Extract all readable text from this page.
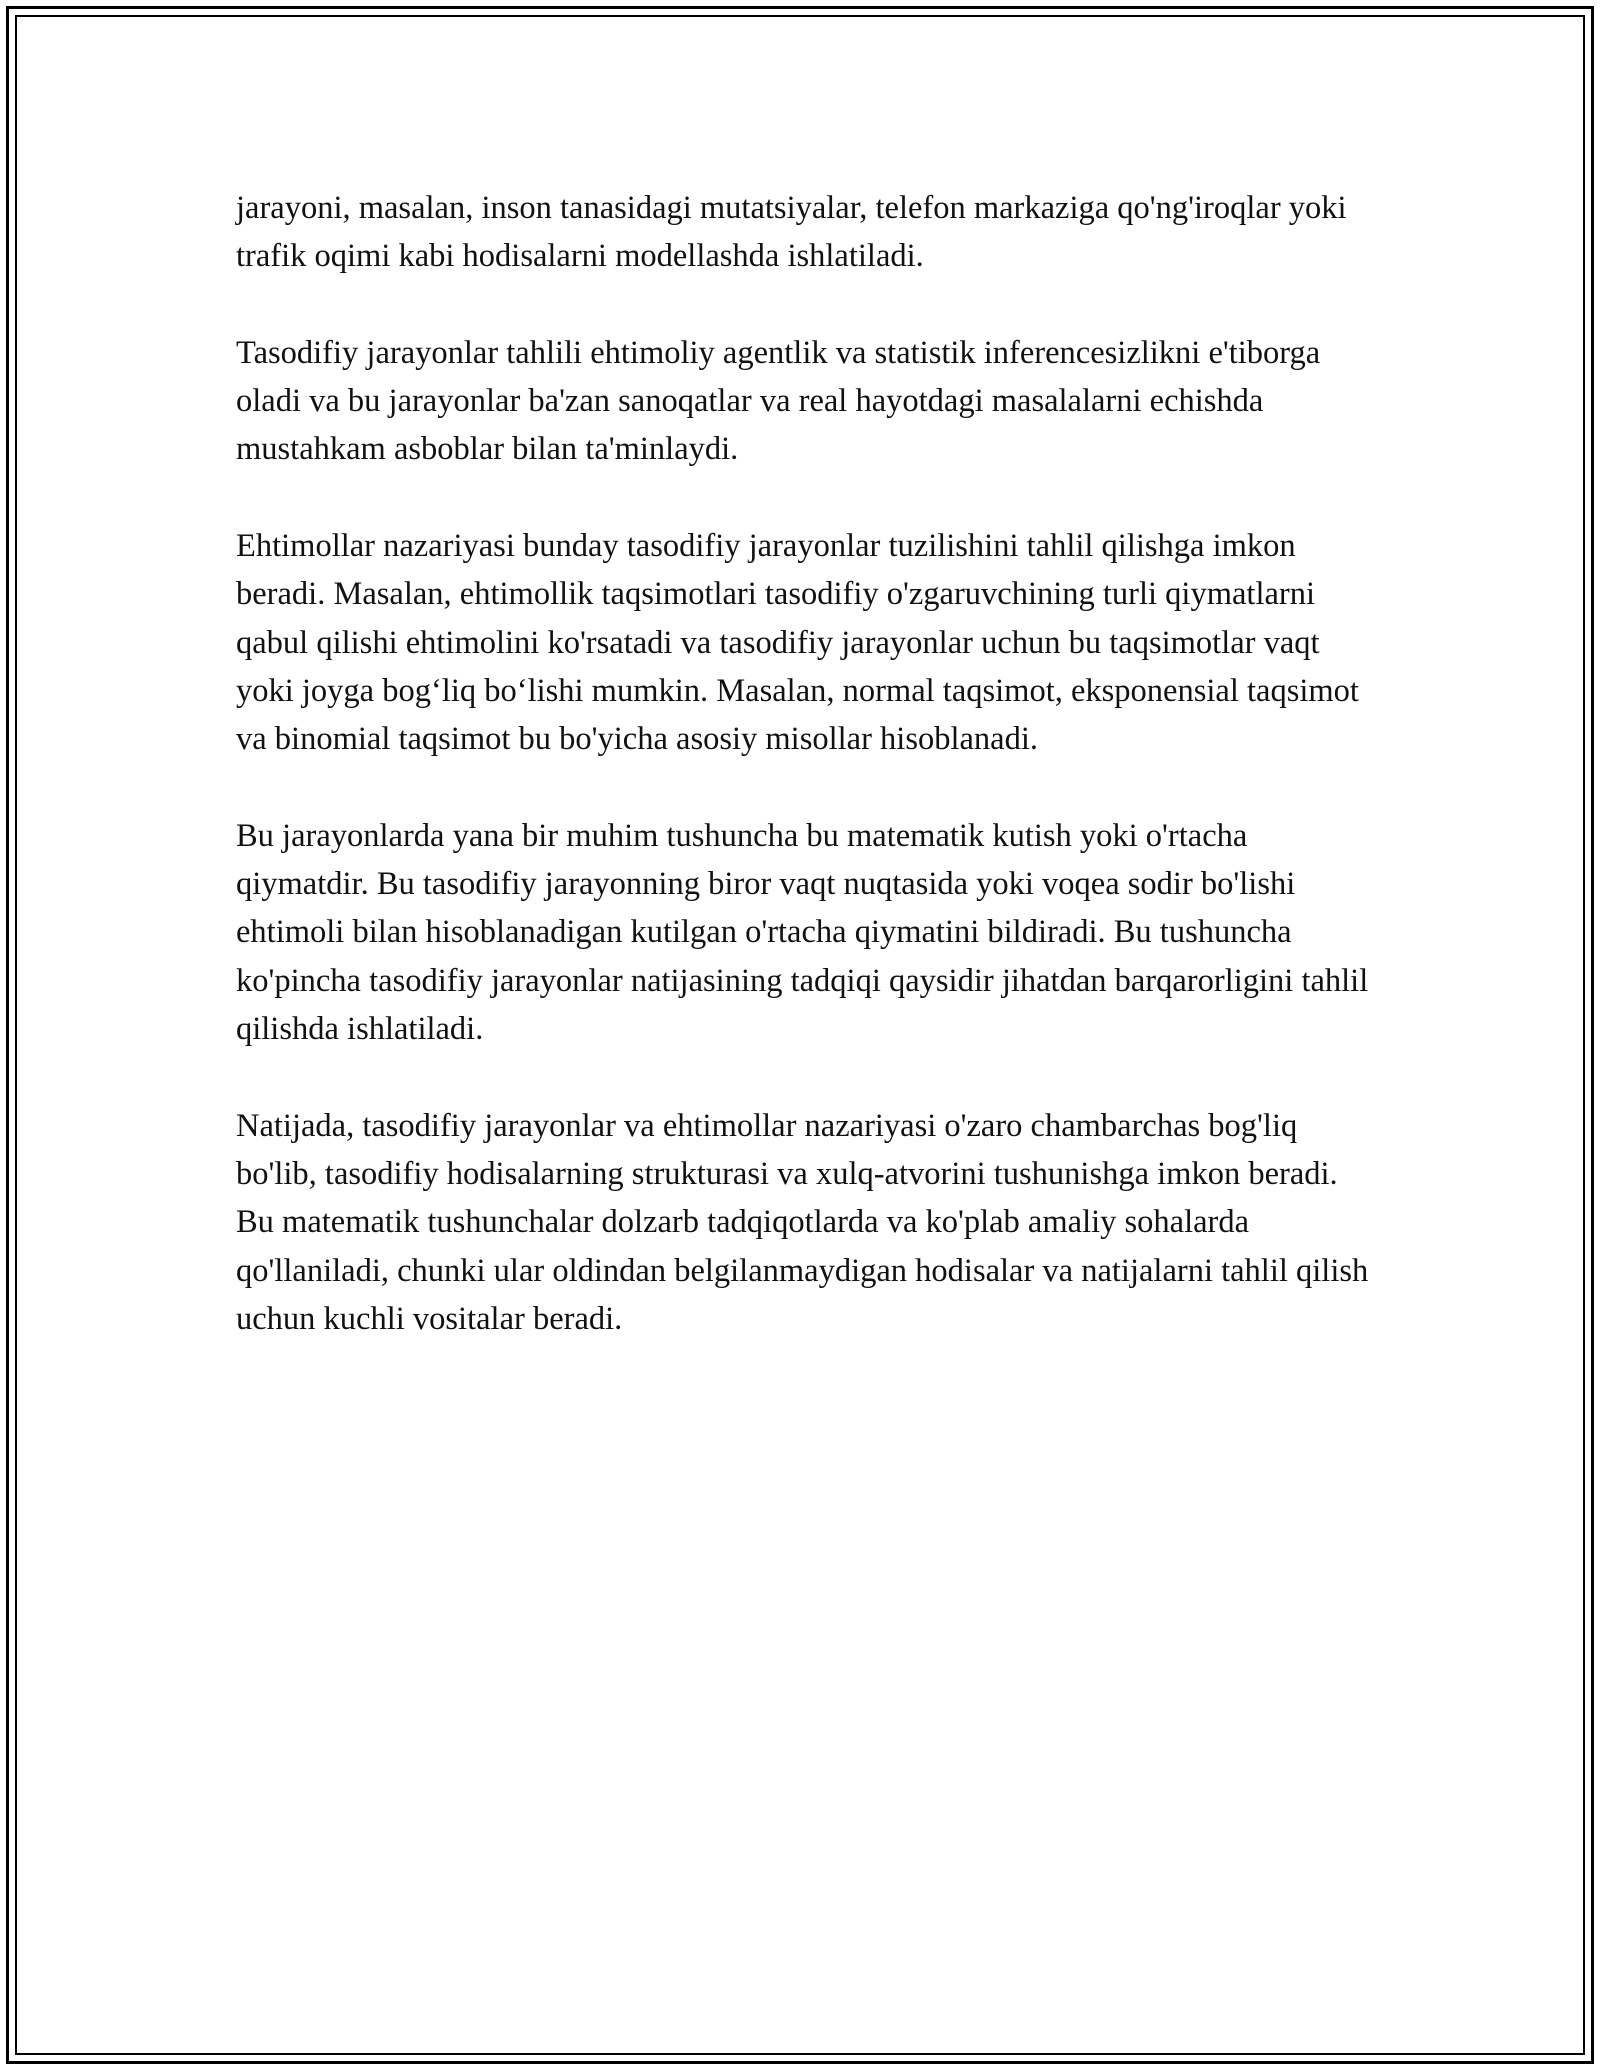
jarayoni, masalan, inson tanasidagi mutatsiyalar, telefon markaziga qo'ng'iroqlar yoki trafik oqimi kabi hodisalarni modellashda ishlatiladi.

Tasodifiy jarayonlar tahlili ehtimoliy agentlik va statistik inferencesizlikni e'tiborga oladi va bu jarayonlar ba'zan sanoqatlar va real hayotdagi masalalarni echishda mustahkam asboblar bilan ta'minlaydi.

Ehtimollar nazariyasi bunday tasodifiy jarayonlar tuzilishini tahlil qilishga imkon beradi. Masalan, ehtimollik taqsimotlari tasodifiy o'zgaruvchining turli qiymatlarni qabul qilishi ehtimolini ko'rsatadi va tasodifiy jarayonlar uchun bu taqsimotlar vaqt yoki joyga bog‘liq bo‘lishi mumkin. Masalan, normal taqsimot, eksponensial taqsimot va binomial taqsimot bu bo'yicha asosiy misollar hisoblanadi.

Bu jarayonlarda yana bir muhim tushuncha bu matematik kutish yoki o'rtacha qiymatdir. Bu tasodifiy jarayonning biror vaqt nuqtasida yoki voqea sodir bo'lishi ehtimoli bilan hisoblanadigan kutilgan o'rtacha qiymatini bildiradi. Bu tushuncha ko'pincha tasodifiy jarayonlar natijasining tadqiqi qaysidir jihatdan barqarorligini tahlil qilishda ishlatiladi.

Natijada, tasodifiy jarayonlar va ehtimollar nazariyasi o'zaro chambarchas bog'liq bo'lib, tasodifiy hodisalarning strukturasi va xulq-atvorini tushunishga imkon beradi. Bu matematik tushunchalar dolzarb tadqiqotlarda va ko'plab amaliy sohalarda qo'llaniladi, chunki ular oldindan belgilanmaydigan hodisalar va natijalarni tahlil qilish uchun kuchli vositalar beradi.
